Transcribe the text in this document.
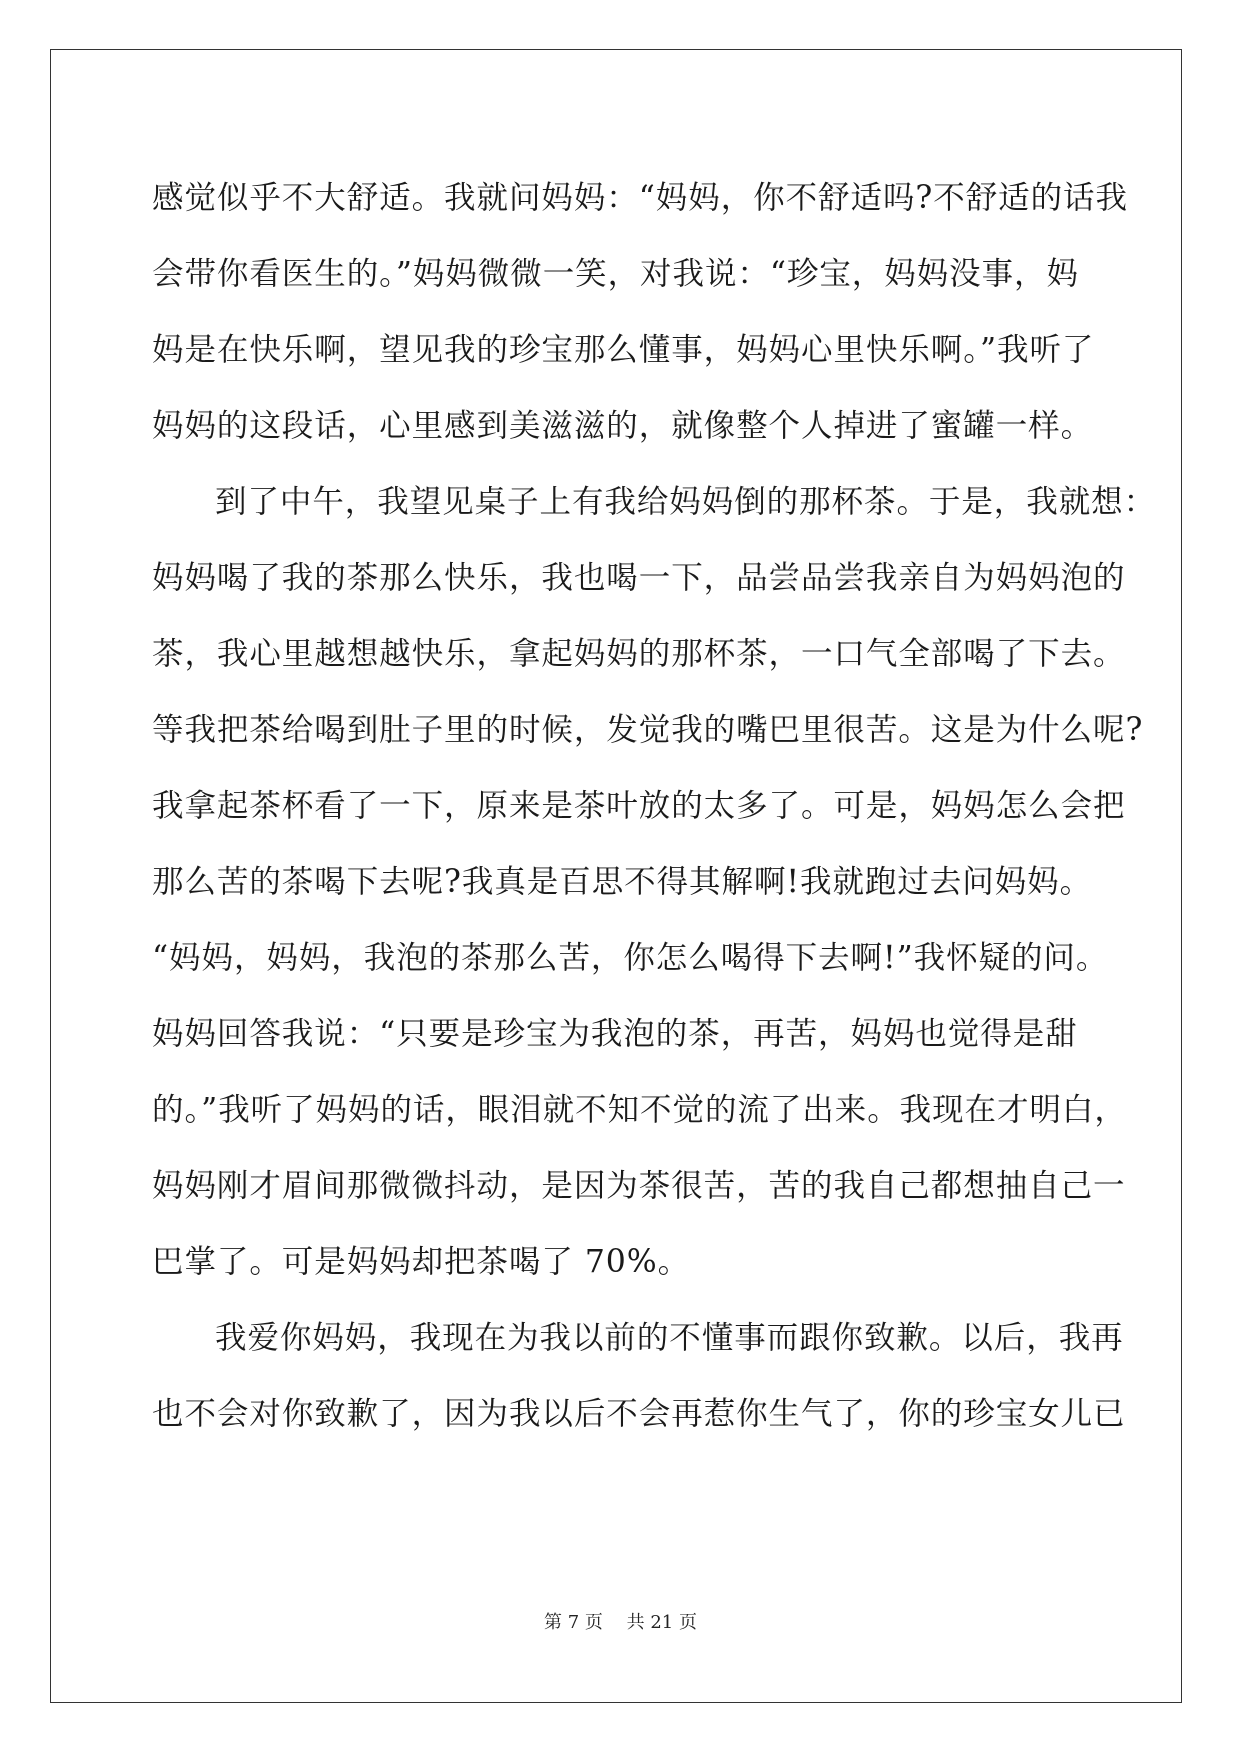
感觉似乎不大舒适。我就问妈妈：“妈妈，你不舒适吗?不舒适的话我
会带你看医生的。”妈妈微微一笑，对我说：“珍宝，妈妈没事，妈
妈是在快乐啊，望见我的珍宝那么懂事，妈妈心里快乐啊。”我听了
妈妈的这段话，心里感到美滋滋的，就像整个人掉进了蜜罐一样。
到了中午，我望见桌子上有我给妈妈倒的那杯茶。于是，我就想：
妈妈喝了我的茶那么快乐，我也喝一下，品尝品尝我亲自为妈妈泡的
茶，我心里越想越快乐，拿起妈妈的那杯茶，一口气全部喝了下去。
等我把茶给喝到肚子里的时候，发觉我的嘴巴里很苦。这是为什么呢?
我拿起茶杯看了一下，原来是茶叶放的太多了。可是，妈妈怎么会把
那么苦的茶喝下去呢?我真是百思不得其解啊!我就跑过去问妈妈。
“妈妈，妈妈，我泡的茶那么苦，你怎么喝得下去啊!”我怀疑的问。
妈妈回答我说：“只要是珍宝为我泡的茶，再苦，妈妈也觉得是甜
的。”我听了妈妈的话，眼泪就不知不觉的流了出来。我现在才明白，
妈妈刚才眉间那微微抖动，是因为茶很苦，苦的我自己都想抽自己一
巴掌了。可是妈妈却把茶喝了 70%。
我爱你妈妈，我现在为我以前的不懂事而跟你致歉。以后，我再
也不会对你致歉了，因为我以后不会再惹你生气了，你的珍宝女儿已
第 7 页　 共 21 页
